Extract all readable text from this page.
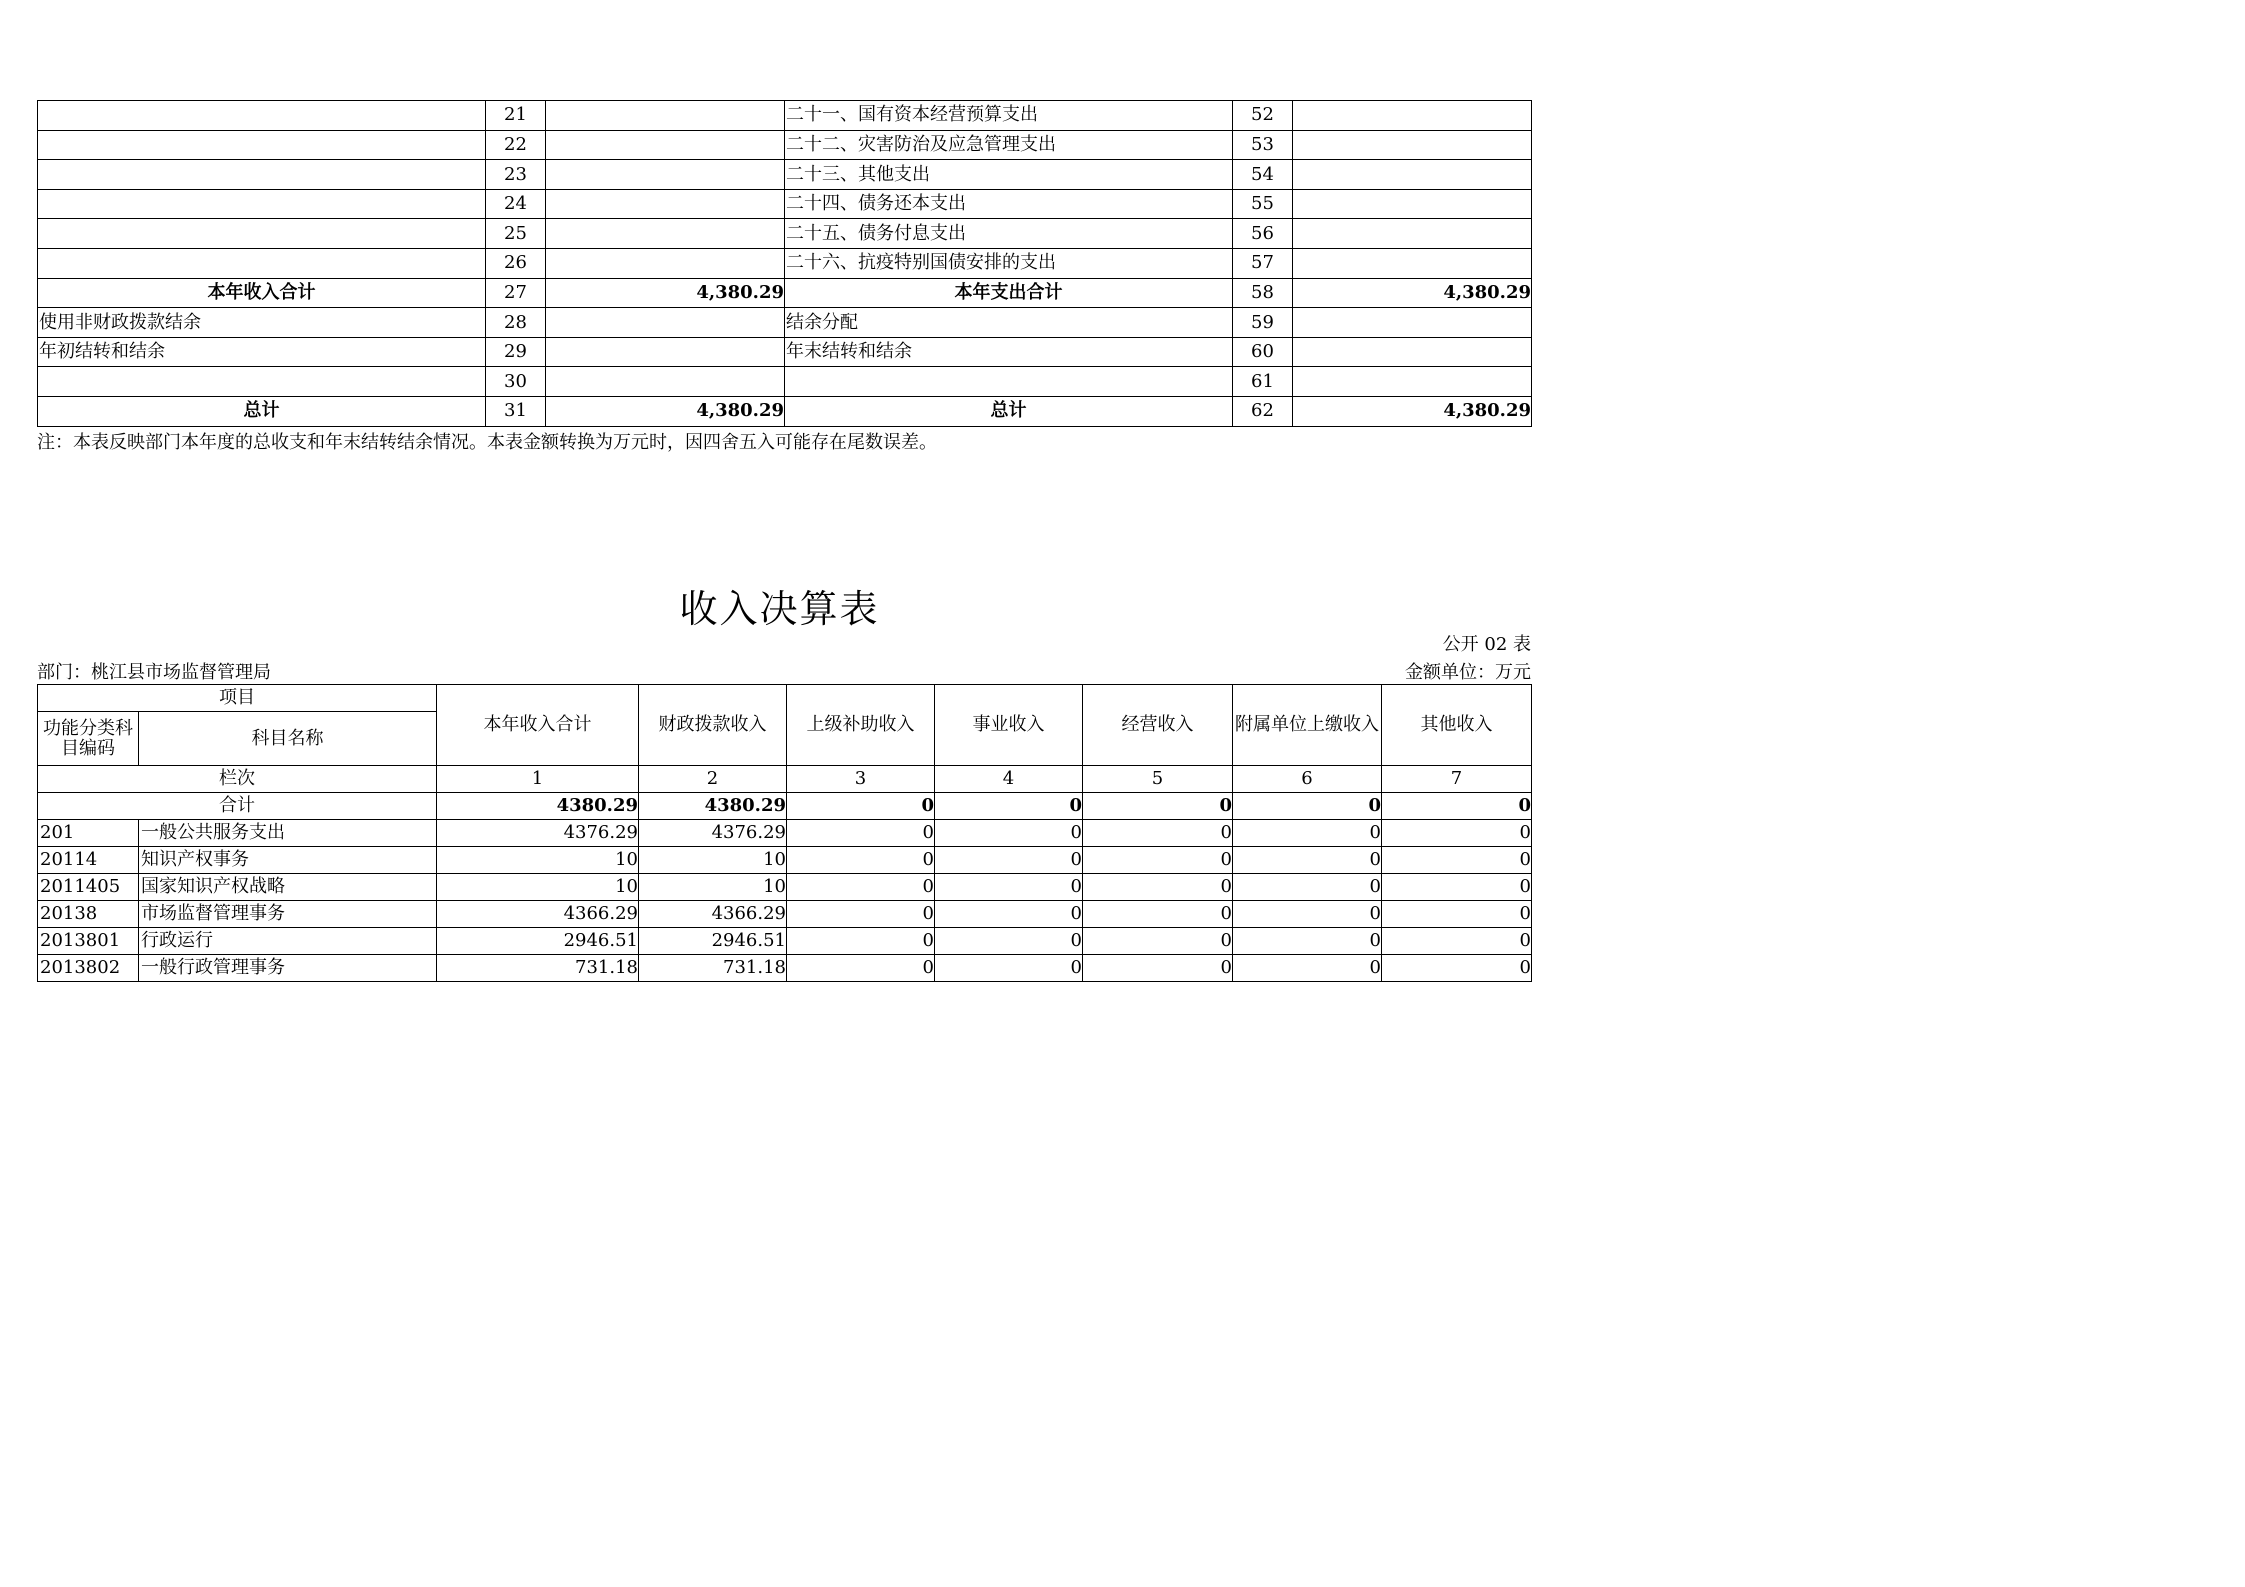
	21		二十一、国有资本经营预算支出	52	
	22		二十二、灾害防治及应急管理支出	53	
	23		二十三、其他支出	54	
	24		二十四、债务还本支出	55	
	25		二十五、债务付息支出	56	
	26		二十六、抗疫特别国债安排的支出	57	
本年收入合计	27	4,380.29	本年支出合计	58	4,380.29
使用非财政拨款结余	28		结余分配	59	
年初结转和结余	29		年末结转和结余	60	
	30			61	
总计	31	4,380.29	总计	62	4,380.29
注：本表反映部门本年度的总收支和年末结转结余情况。本表金额转换为万元时，因四舍五入可能存在尾数误差。
收入决算表
公开 02 表
部门：桃江县市场监督管理局	金额单位：万元
项目		本年收入合计	财政拨款收入	上级补助收入	事业收入	经营收入	附属单位上缴收入	其他收入
功能分类科目编码	科目名称							
栏次		1	2	3	4	5	6	7
合计		4380.29	4380.29	0	0	0	0	0
201	一般公共服务支出	4376.29	4376.29	0	0	0	0	0
20114	知识产权事务	10	10	0	0	0	0	0
2011405	国家知识产权战略	10	10	0	0	0	0	0
20138	市场监督管理事务	4366.29	4366.29	0	0	0	0	0
2013801	行政运行	2946.51	2946.51	0	0	0	0	0
2013802	一般行政管理事务	731.18	731.18	0	0	0	0	0
